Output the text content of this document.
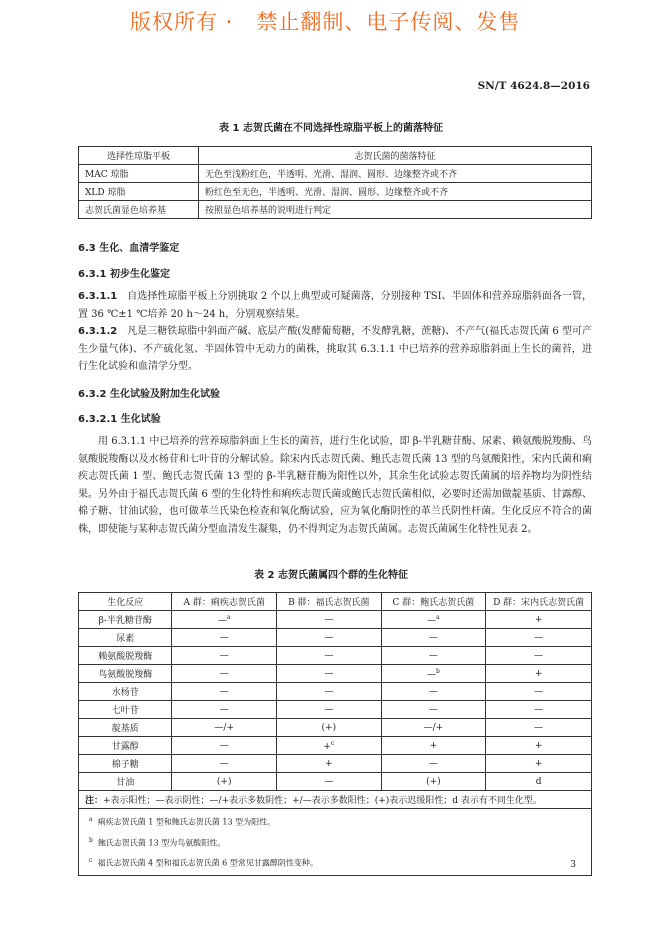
版权所有 ·   禁止翻制、电子传阅、发售
SN/T 4624.8—2016
表 1 志贺氏菌在不同选择性琼脂平板上的菌落特征
选择性琼脂平板	志贺氏菌的菌落特征
MAC 琼脂	无色至浅粉红色，半透明、光滑、湿润、圆形、边缘整齐或不齐
XLD 琼脂	粉红色至无色，半透明、光滑、湿润、圆形、边缘整齐或不齐
志贺氏菌显色培养基	按照显色培养基的说明进行判定
6.3 生化、血清学鉴定
6.3.1 初步生化鉴定
6.3.1.1 自选择性琼脂平板上分别挑取 2 个以上典型或可疑菌落，分别接种 TSI、半固体和营养琼脂斜面各一管，置 36 ℃±1 ℃培养 20 h～24 h，分别观察结果。
6.3.1.2 凡是三糖铁琼脂中斜面产碱、底层产酸(发酵葡萄糖，不发酵乳糖，蔗糖)、不产气(福氏志贺氏菌 6 型可产生少量气体)、不产硫化氢、半固体管中无动力的菌株，挑取其 6.3.1.1 中已培养的营养琼脂斜面上生长的菌苔，进行生化试验和血清学分型。
6.3.2 生化试验及附加生化试验
6.3.2.1 生化试验
用 6.3.1.1 中已培养的营养琼脂斜面上生长的菌苔，进行生化试验，即 β-半乳糖苷酶、尿素、赖氨酸脱羧酶、鸟氨酸脱羧酶以及水杨苷和七叶苷的分解试验。除宋内氏志贺氏菌、鲍氏志贺氏菌 13 型的鸟氨酸阳性，宋内氏菌和痢疾志贺氏菌 1 型、鲍氏志贺氏菌 13 型的 β-半乳糖苷酶为阳性以外，其余生化试验志贺氏菌属的培养物均为阴性结果。另外由于福氏志贺氏菌 6 型的生化特性和痢疾志贺氏菌或鲍氏志贺氏菌相似，必要时还需加做靛基质、甘露醇、棉子糖、甘油试验，也可做革兰氏染色检查和氧化酶试验，应为氧化酶阴性的革兰氏阴性杆菌。生化反应不符合的菌株，即使能与某种志贺氏菌分型血清发生凝集，仍不得判定为志贺氏菌属。志贺氏菌属生化特性见表 2。
表 2 志贺氏菌属四个群的生化特征
生化反应	A 群：痢疾志贺氏菌	B 群：福氏志贺氏菌	C 群：鲍氏志贺氏菌	D 群：宋内氏志贺氏菌
β-半乳糖苷酶	—$^a$	—	—$^a$	+
尿素	—	—	—	—
赖氨酸脱羧酶	—	—	—	—
鸟氨酸脱羧酶	—	—	—$^b$	+
水杨苷	—	—	—	—
七叶苷	—	—	—	—
靛基质	—/+	(+)	—/+	—
甘露醇	—	+$^c$	+	+
棉子糖	—	+	—	+
甘油	(+)	—	(+)	d
注：+表示阳性；—表示阴性；—/+表示多数阴性；+/—表示多数阳性；(+)表示迟缓阳性；d 表示有不同生化型。				

$^a$ 痢疾志贺氏菌 1 型和鲍氏志贺氏菌 13 型为阳性。
$^b$ 鲍氏志贺氏菌 13 型为鸟氨酸阳性。
$^c$ 福氏志贺氏菌 4 型和福氏志贺氏菌 6 型常见甘露醇阴性变种。					3
